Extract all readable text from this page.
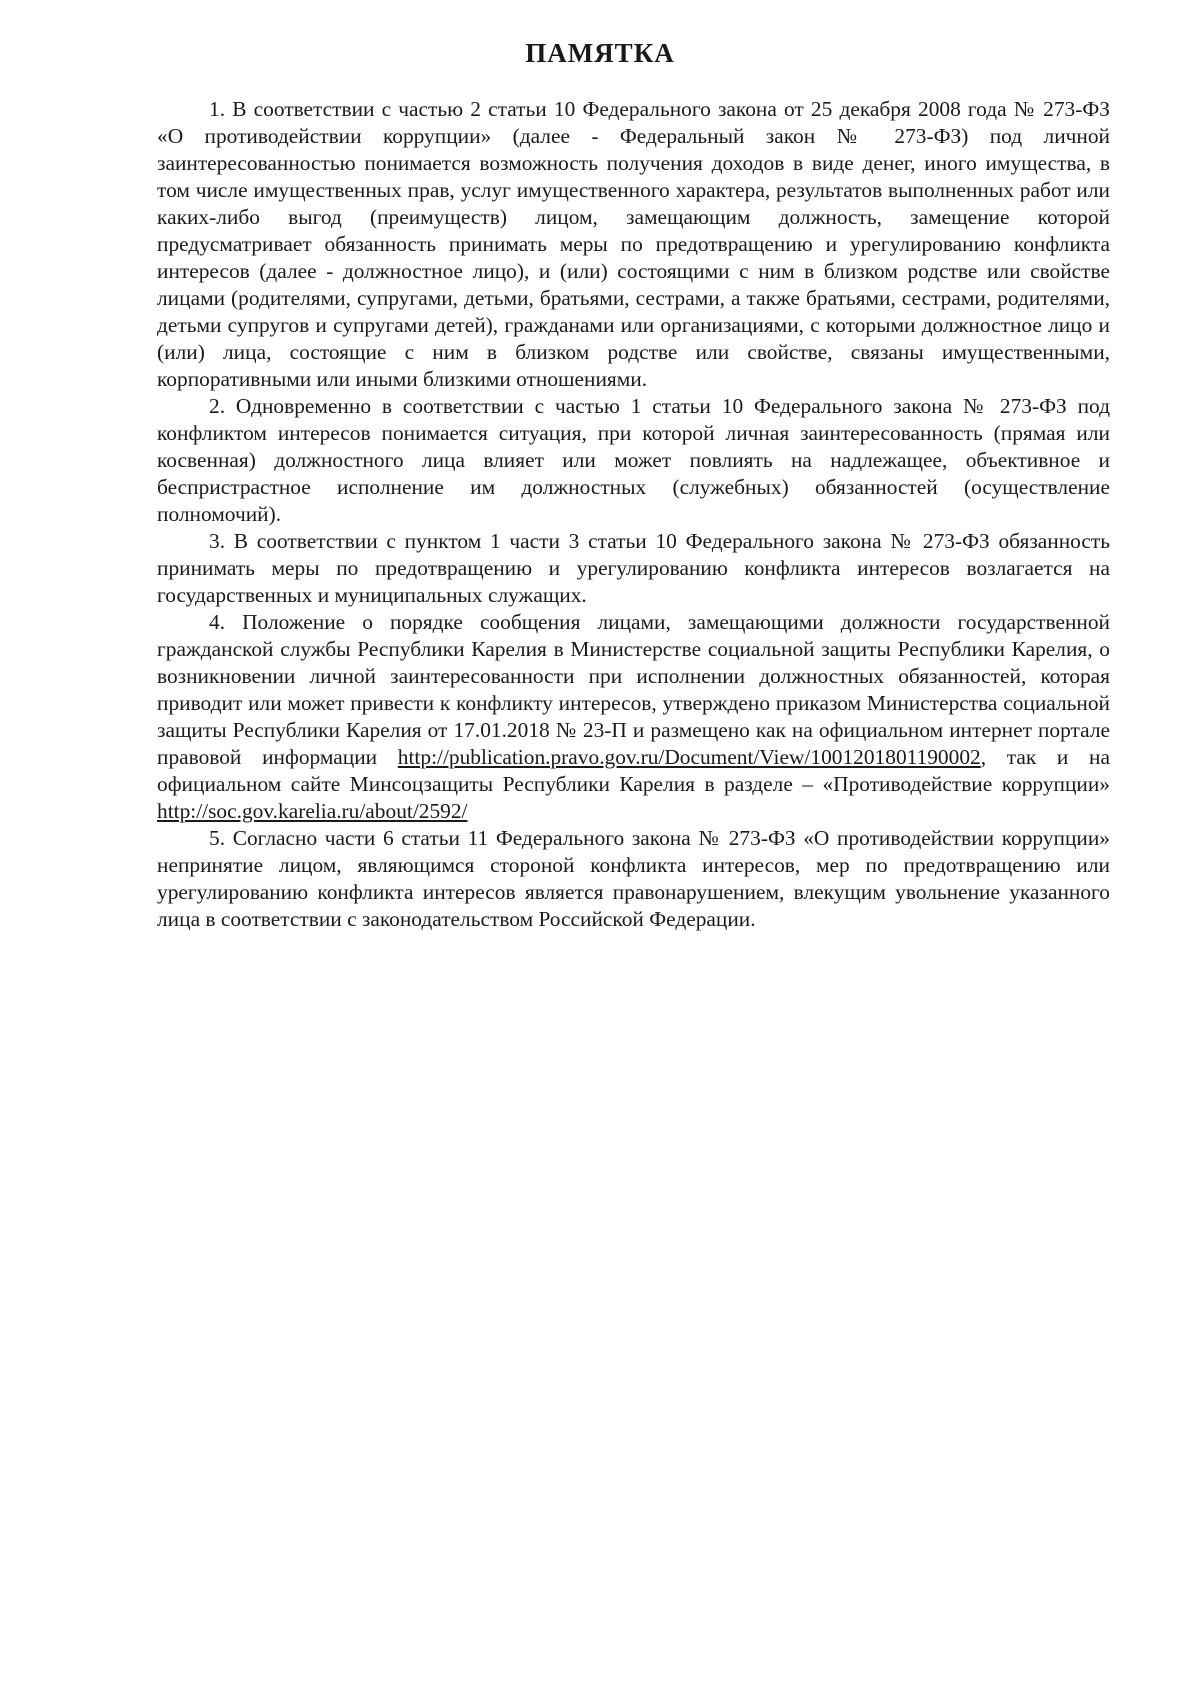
ПАМЯТКА

1. В соответствии с частью 2 статьи 10 Федерального закона от 25 декабря 2008 года № 273-ФЗ «О противодействии коррупции» (далее - Федеральный закон № 273-ФЗ) под личной заинтересованностью понимается возможность получения доходов в виде денег, иного имущества, в том числе имущественных прав, услуг имущественного характера, результатов выполненных работ или каких-либо выгод (преимуществ) лицом, замещающим должность, замещение которой предусматривает обязанность принимать меры по предотвращению и урегулированию конфликта интересов (далее - должностное лицо), и (или) состоящими с ним в близком родстве или свойстве лицами (родителями, супругами, детьми, братьями, сестрами, а также братьями, сестрами, родителями, детьми супругов и супругами детей), гражданами или организациями, с которыми должностное лицо и (или) лица, состоящие с ним в близком родстве или свойстве, связаны имущественными, корпоративными или иными близкими отношениями.

2. Одновременно в соответствии с частью 1 статьи 10 Федерального закона № 273-ФЗ под конфликтом интересов понимается ситуация, при которой личная заинтересованность (прямая или косвенная) должностного лица влияет или может повлиять на надлежащее, объективное и беспристрастное исполнение им должностных (служебных) обязанностей (осуществление полномочий).

3. В соответствии с пунктом 1 части 3 статьи 10 Федерального закона № 273-ФЗ обязанность принимать меры по предотвращению и урегулированию конфликта интересов возлагается на государственных и муниципальных служащих.

4. Положение о порядке сообщения лицами, замещающими должности государственной гражданской службы Республики Карелия в Министерстве социальной защиты Республики Карелия, о возникновении личной заинтересованности при исполнении должностных обязанностей, которая приводит или может привести к конфликту интересов, утверждено приказом Министерства социальной защиты Республики Карелия от 17.01.2018 № 23-П и размещено как на официальном интернет портале правовой информации http://publication.pravo.gov.ru/Document/View/1001201801190002, так и на официальном сайте Минсоцзащиты Республики Карелия в разделе – «Противодействие коррупции» http://soc.gov.karelia.ru/about/2592/

5. Согласно части 6 статьи 11 Федерального закона № 273-ФЗ «О противодействии коррупции» непринятие лицом, являющимся стороной конфликта интересов, мер по предотвращению или урегулированию конфликта интересов является правонарушением, влекущим увольнение указанного лица в соответствии с законодательством Российской Федерации.
